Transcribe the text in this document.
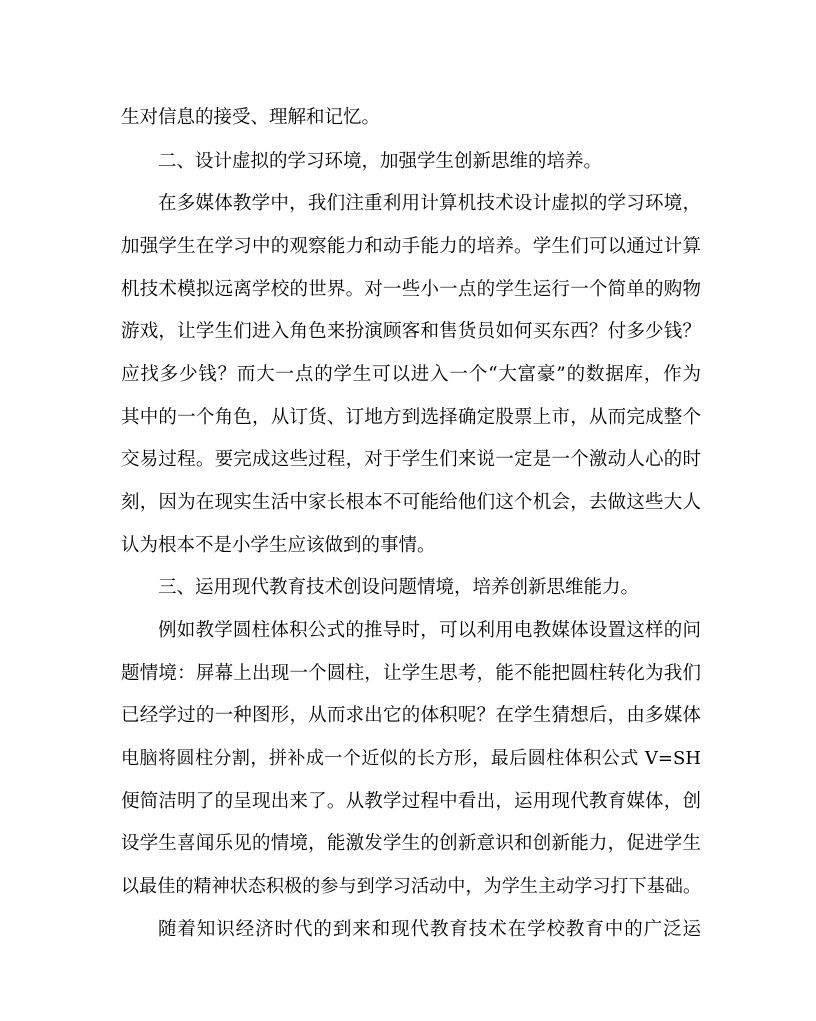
生对信息的接受、理解和记忆。
二、设计虚拟的学习环境，加强学生创新思维的培养。
在多媒体教学中，我们注重利用计算机技术设计虚拟的学习环境，
加强学生在学习中的观察能力和动手能力的培养。学生们可以通过计算
机技术模拟远离学校的世界。对一些小一点的学生运行一个简单的购物
游戏，让学生们进入角色来扮演顾客和售货员如何买东西？付多少钱？
应找多少钱？而大一点的学生可以进入一个“大富豪”的数据库，作为
其中的一个角色，从订货、订地方到选择确定股票上市，从而完成整个
交易过程。要完成这些过程，对于学生们来说一定是一个激动人心的时
刻，因为在现实生活中家长根本不可能给他们这个机会，去做这些大人
认为根本不是小学生应该做到的事情。
三、运用现代教育技术创设问题情境，培养创新思维能力。
例如教学圆柱体积公式的推导时，可以利用电教媒体设置这样的问
题情境：屏幕上出现一个圆柱，让学生思考，能不能把圆柱转化为我们
已经学过的一种图形，从而求出它的体积呢？在学生猜想后，由多媒体
电脑将圆柱分割，拼补成一个近似的长方形，最后圆柱体积公式 V=SH
便简洁明了的呈现出来了。从教学过程中看出，运用现代教育媒体，创
设学生喜闻乐见的情境，能激发学生的创新意识和创新能力，促进学生
以最佳的精神状态积极的参与到学习活动中，为学生主动学习打下基础。
随着知识经济时代的到来和现代教育技术在学校教育中的广泛运
